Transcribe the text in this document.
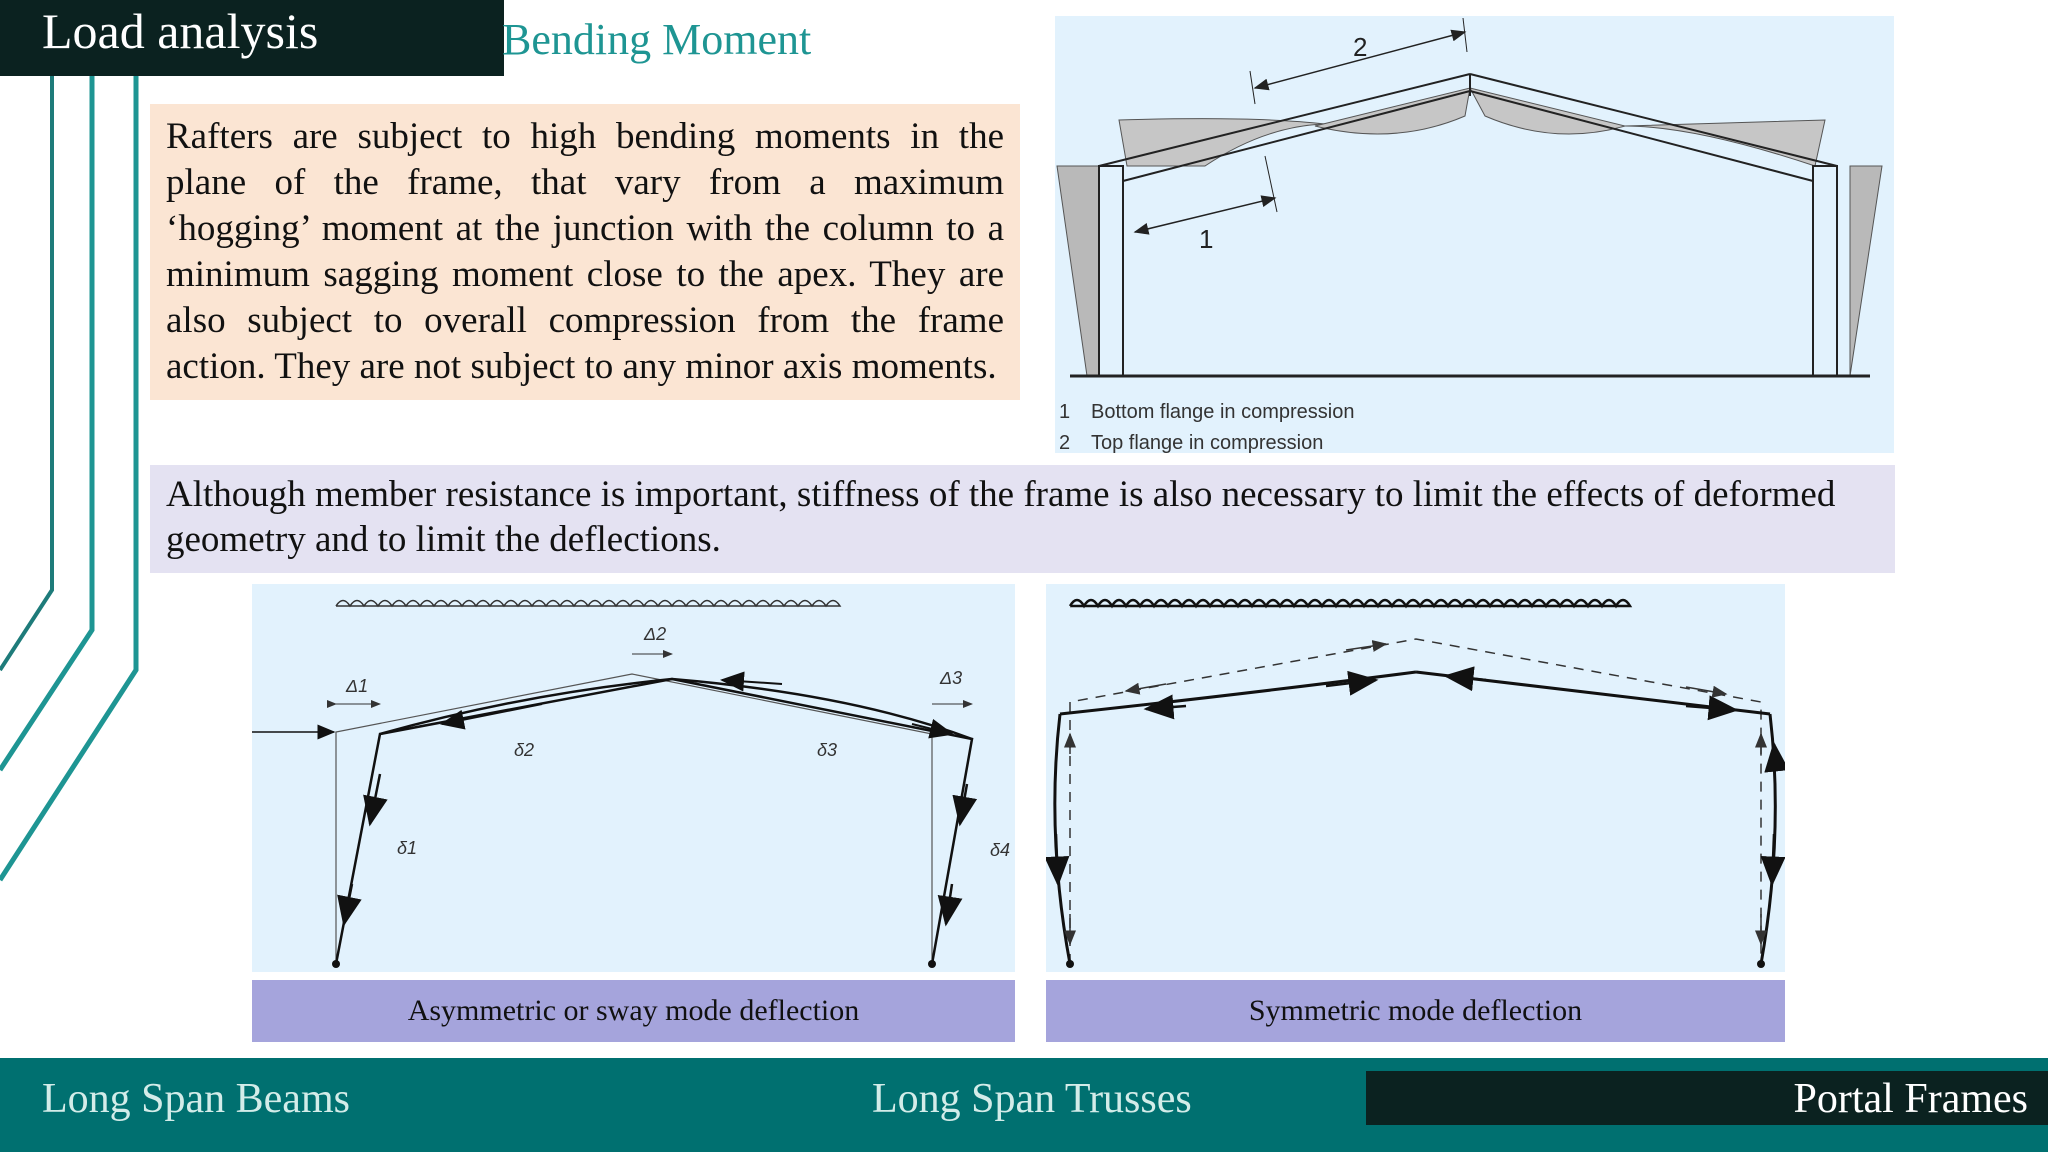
Load analysis	Bending Moment
Rafters are subject to high bending moments in the plane of the frame, that vary from a maximum ‘hogging’ moment at the junction with the column to a minimum sagging moment close to the apex. They are also subject to overall compression from the frame action. They are not subject to any minor axis moments.
2
1
1 Bottom flange in compression
2 Top flange in compression
Although member resistance is important, stiffness of the frame is also necessary to limit the effects of deformed geometry and to limit the deflections.
Δ1
Δ2
Δ3
δ2	δ3
δ1	δ4
Asymmetric or sway mode deflection	Symmetric mode deflection
Long Span Beams	Long Span Trusses	Portal Frames
